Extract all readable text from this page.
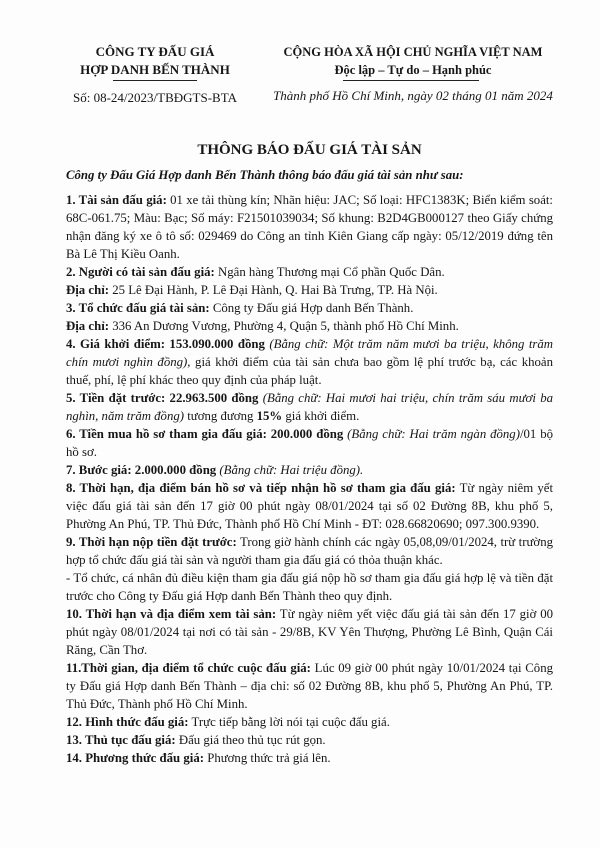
CÔNG TY ĐẤU GIÁ
HỢP DANH BẾN THÀNH
Số: 08-24/2023/TBĐGTS-BTA
CỘNG HÒA XÃ HỘI CHỦ NGHĨA VIỆT NAM
Độc lập – Tự do – Hạnh phúc
Thành phố Hồ Chí Minh, ngày 02 tháng 01 năm 2024
THÔNG BÁO ĐẤU GIÁ TÀI SẢN

Công ty Đấu Giá Hợp danh Bến Thành thông báo đấu giá tài sản như sau:

1. Tài sản đấu giá: 01 xe tải thùng kín; Nhãn hiệu: JAC; Số loại: HFC1383K; Biển kiểm soát: 68C-061.75; Màu: Bạc; Số máy: F21501039034; Số khung: B2D4GB000127 theo Giấy chứng nhận đăng ký xe ô tô số: 029469 do Công an tỉnh Kiên Giang cấp ngày: 05/12/2019 đứng tên Bà Lê Thị Kiều Oanh.

2. Người có tài sản đấu giá: Ngân hàng Thương mại Cổ phần Quốc Dân.

Địa chỉ: 25 Lê Đại Hành, P. Lê Đại Hành, Q. Hai Bà Trưng, TP. Hà Nội.

3. Tổ chức đấu giá tài sản: Công ty Đấu giá Hợp danh Bến Thành.

Địa chỉ: 336 An Dương Vương, Phường 4, Quận 5, thành phố Hồ Chí Minh.

4. Giá khởi điểm: 153.090.000 đồng (Bằng chữ: Một trăm năm mươi ba triệu, không trăm chín mươi nghìn đồng), giá khởi điểm của tài sản chưa bao gồm lệ phí trước bạ, các khoản thuế, phí, lệ phí khác theo quy định của pháp luật.

5. Tiền đặt trước: 22.963.500 đồng (Bằng chữ: Hai mươi hai triệu, chín trăm sáu mươi ba nghìn, năm trăm đồng) tương đương 15% giá khởi điểm.

6. Tiền mua hồ sơ tham gia đấu giá: 200.000 đồng (Bằng chữ: Hai trăm ngàn đồng)/01 bộ hồ sơ.

7. Bước giá: 2.000.000 đồng (Bằng chữ: Hai triệu đồng).

8. Thời hạn, địa điểm bán hồ sơ và tiếp nhận hồ sơ tham gia đấu giá: Từ ngày niêm yết việc đấu giá tài sản đến 17 giờ 00 phút ngày 08/01/2024 tại số 02 Đường 8B, khu phố 5, Phường An Phú, TP. Thủ Đức, Thành phố Hồ Chí Minh - ĐT: 028.66820690; 097.300.9390.

9. Thời hạn nộp tiền đặt trước: Trong giờ hành chính các ngày 05,08,09/01/2024, trừ trường hợp tổ chức đấu giá tài sản và người tham gia đấu giá có thỏa thuận khác.

- Tổ chức, cá nhân đủ điều kiện tham gia đấu giá nộp hồ sơ tham gia đấu giá hợp lệ và tiền đặt trước cho Công ty Đấu giá Hợp danh Bến Thành theo quy định.

10. Thời hạn và địa điểm xem tài sản: Từ ngày niêm yết việc đấu giá tài sản đến 17 giờ 00 phút ngày 08/01/2024 tại nơi có tài sản - 29/8B, KV Yên Thượng, Phường Lê Bình, Quận Cái Răng, Cần Thơ.

11.Thời gian, địa điểm tổ chức cuộc đấu giá: Lúc 09 giờ 00 phút ngày 10/01/2024 tại Công ty Đấu giá Hợp danh Bến Thành – địa chỉ: số 02 Đường 8B, khu phố 5, Phường An Phú, TP. Thủ Đức, Thành phố Hồ Chí Minh.

12. Hình thức đấu giá: Trực tiếp bằng lời nói tại cuộc đấu giá.

13. Thủ tục đấu giá: Đấu giá theo thủ tục rút gọn.

14. Phương thức đấu giá: Phương thức trả giá lên.
